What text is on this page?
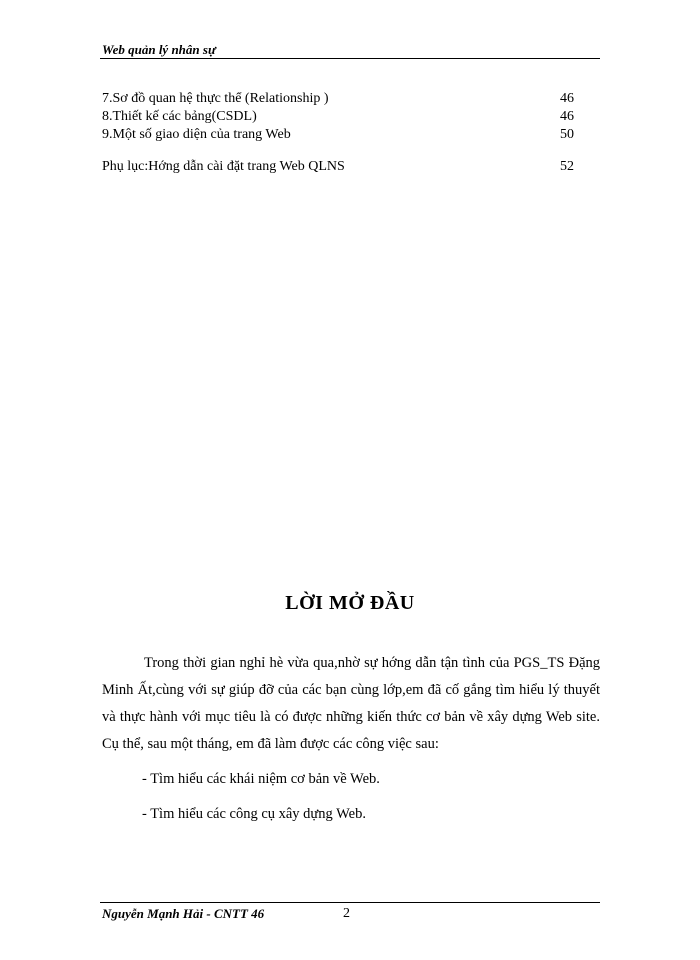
Web quản lý nhân sự
7.Sơ đồ quan hệ thực thể (Relationship )	46
8.Thiết kế các bảng(CSDL)	46
9.Một số giao diện của trang Web	50
Phụ lục:Hớng dẫn cài đặt trang Web QLNS	52
LỜI MỞ ĐẦU

Trong thời gian nghỉ hè vừa qua,nhờ sự hớng dẫn tận tình của PGS_TS Đặng Minh Ất,cùng với sự giúp đỡ của các bạn cùng lớp,em đã cố gắng tìm hiểu lý thuyết và thực hành với mục tiêu là có được những kiến thức cơ bản về xây dựng Web site. Cụ thể, sau một tháng, em đã làm được các công việc sau:

- Tìm hiểu các khái niệm cơ bản về Web.

- Tìm hiểu các công cụ xây dựng Web.

Nguyễn Mạnh Hải - CNTT 46	2
